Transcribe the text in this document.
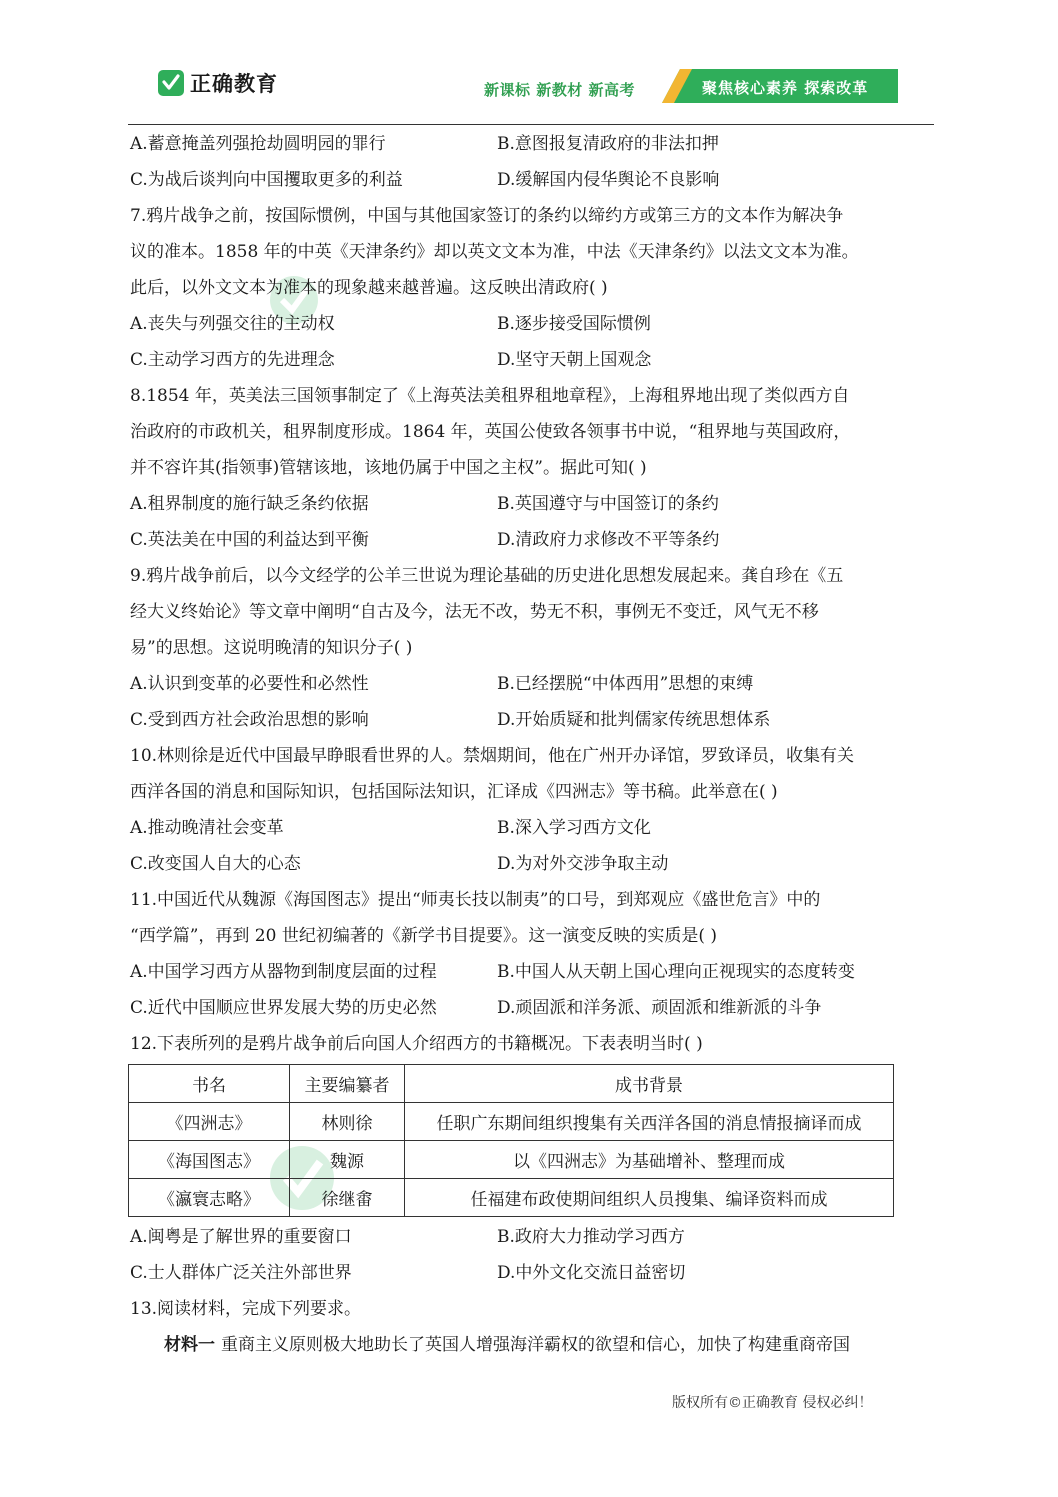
正确教育	新课标 新教材 新高考	聚焦核心素养 探索改革
A.蓄意掩盖列强抢劫圆明园的罪行	B.意图报复清政府的非法扣押
C.为战后谈判向中国攫取更多的利益	D.缓解国内侵华舆论不良影响
7.鸦片战争之前，按国际惯例，中国与其他国家签订的条约以缔约方或第三方的文本作为解决争
议的准本。1858 年的中英《天津条约》却以英文文本为准，中法《天津条约》以法文文本为准。
此后，以外文文本为准本的现象越来越普遍。这反映出清政府( )
A.丧失与列强交往的主动权	B.逐步接受国际惯例
C.主动学习西方的先进理念	D.坚守天朝上国观念
8.1854 年，英美法三国领事制定了《上海英法美租界租地章程》，上海租界地出现了类似西方自
治政府的市政机关，租界制度形成。1864 年，英国公使致各领事书中说，“租界地与英国政府，
并不容许其(指领事)管辖该地，该地仍属于中国之主权”。据此可知( )
A.租界制度的施行缺乏条约依据	B.英国遵守与中国签订的条约
C.英法美在中国的利益达到平衡	D.清政府力求修改不平等条约
9.鸦片战争前后，以今文经学的公羊三世说为理论基础的历史进化思想发展起来。龚自珍在《五
经大义终始论》等文章中阐明“自古及今，法无不改，势无不积，事例无不变迁，风气无不移
易”的思想。这说明晚清的知识分子( )
A.认识到变革的必要性和必然性	B.已经摆脱“中体西用”思想的束缚
C.受到西方社会政治思想的影响	D.开始质疑和批判儒家传统思想体系
10.林则徐是近代中国最早睁眼看世界的人。禁烟期间，他在广州开办译馆，罗致译员，收集有关
西洋各国的消息和国际知识，包括国际法知识，汇译成《四洲志》等书稿。此举意在( )
A.推动晚清社会变革	B.深入学习西方文化
C.改变国人自大的心态	D.为对外交涉争取主动
11.中国近代从魏源《海国图志》提出“师夷长技以制夷”的口号，到郑观应《盛世危言》中的
“西学篇”，再到 20 世纪初编著的《新学书目提要》。这一演变反映的实质是( )
A.中国学习西方从器物到制度层面的过程	B.中国人从天朝上国心理向正视现实的态度转变
C.近代中国顺应世界发展大势的历史必然	D.顽固派和洋务派、顽固派和维新派的斗争
12.下表所列的是鸦片战争前后向国人介绍西方的书籍概况。下表表明当时( )
书名	主要编纂者	成书背景
《四洲志》	林则徐	任职广东期间组织搜集有关西洋各国的消息情报摘译而成
《海国图志》	魏源	以《四洲志》为基础增补、整理而成
《瀛寰志略》	徐继畬	任福建布政使期间组织人员搜集、编译资料而成
A.闽粤是了解世界的重要窗口	B.政府大力推动学习西方
C.士人群体广泛关注外部世界	D.中外文化交流日益密切
13.阅读材料，完成下列要求。
材料一 重商主义原则极大地助长了英国人增强海洋霸权的欲望和信心，加快了构建重商帝国
版权所有©正确教育 侵权必纠！
